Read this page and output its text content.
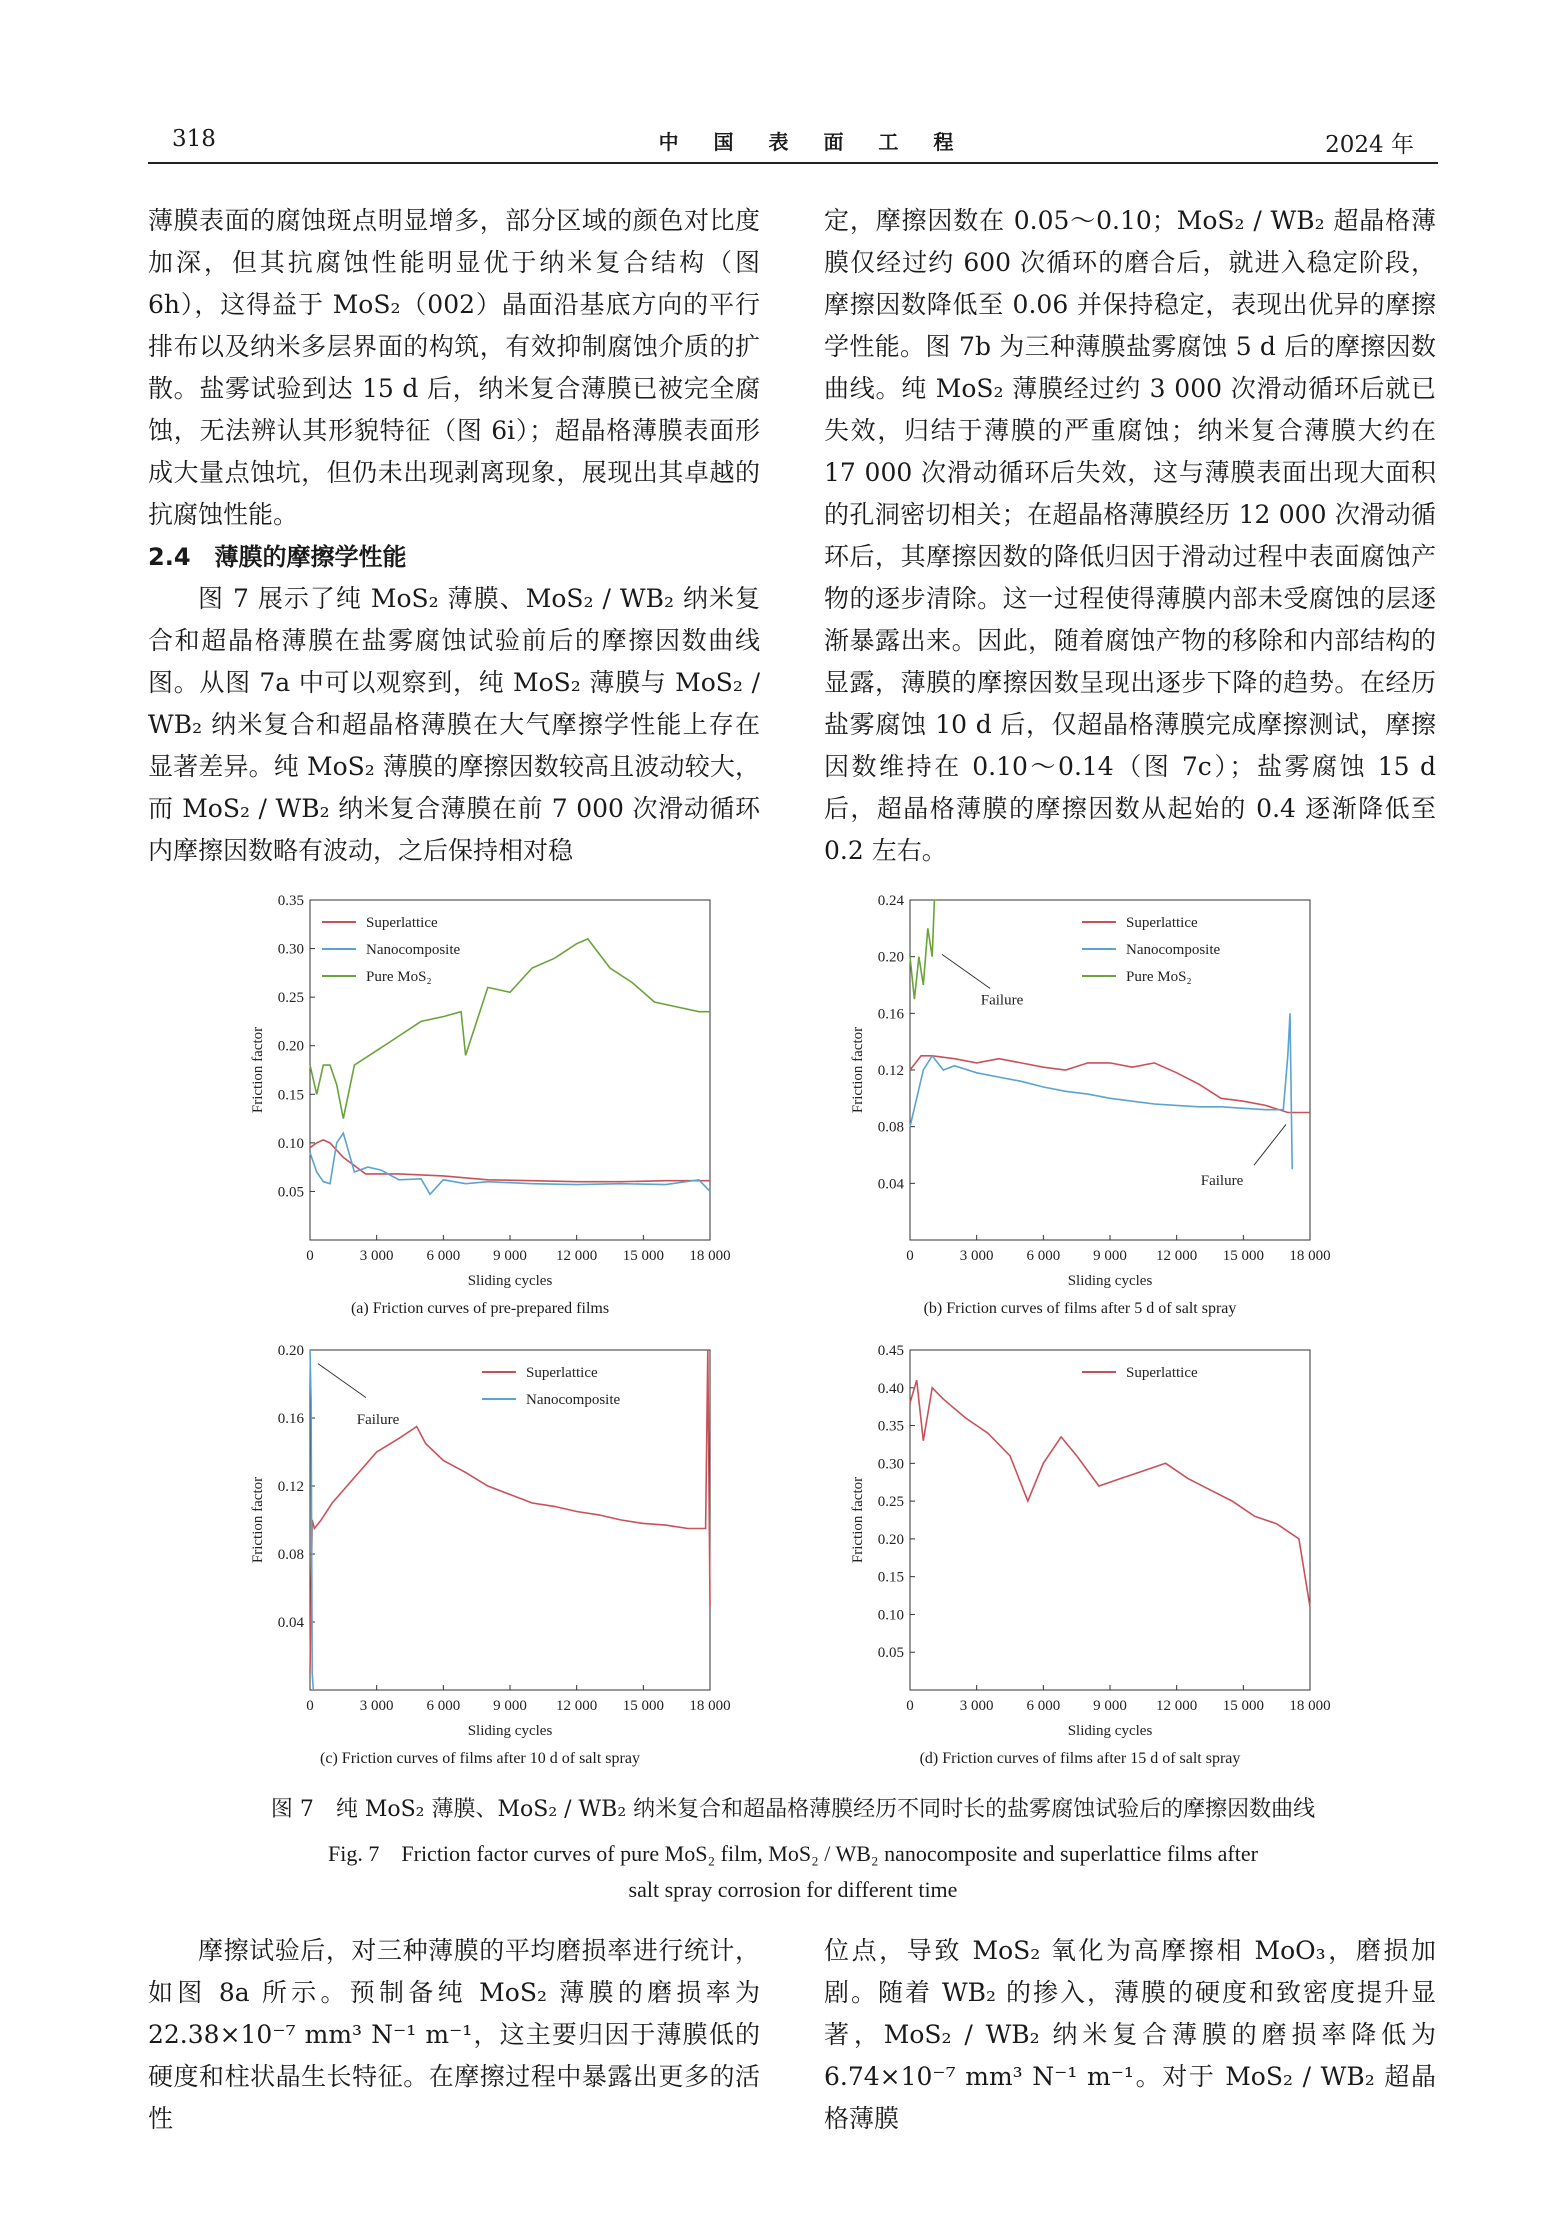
318	中 国 表 面 工 程	2024 年

薄膜表面的腐蚀斑点明显增多，部分区域的颜色对比度加深，但其抗腐蚀性能明显优于纳米复合结构（图 6h），这得益于 MoS₂（002）晶面沿基底方向的平行排布以及纳米多层界面的构筑，有效抑制腐蚀介质的扩散。盐雾试验到达 15 d 后，纳米复合薄膜已被完全腐蚀，无法辨认其形貌特征（图 6i）；超晶格薄膜表面形成大量点蚀坑，但仍未出现剥离现象，展现出其卓越的抗腐蚀性能。

2.4　薄膜的摩擦学性能

图 7 展示了纯 MoS₂ 薄膜、MoS₂ / WB₂ 纳米复合和超晶格薄膜在盐雾腐蚀试验前后的摩擦因数曲线图。从图 7a 中可以观察到，纯 MoS₂ 薄膜与 MoS₂ / WB₂ 纳米复合和超晶格薄膜在大气摩擦学性能上存在显著差异。纯 MoS₂ 薄膜的摩擦因数较高且波动较大，而 MoS₂ / WB₂ 纳米复合薄膜在前 7 000 次滑动循环内摩擦因数略有波动，之后保持相对稳

定，摩擦因数在 0.05～0.10；MoS₂ / WB₂ 超晶格薄膜仅经过约 600 次循环的磨合后，就进入稳定阶段，摩擦因数降低至 0.06 并保持稳定，表现出优异的摩擦学性能。图 7b 为三种薄膜盐雾腐蚀 5 d 后的摩擦因数曲线。纯 MoS₂ 薄膜经过约 3 000 次滑动循环后就已失效，归结于薄膜的严重腐蚀；纳米复合薄膜大约在 17 000 次滑动循环后失效，这与薄膜表面出现大面积的孔洞密切相关；在超晶格薄膜经历 12 000 次滑动循环后，其摩擦因数的降低归因于滑动过程中表面腐蚀产物的逐步清除。这一过程使得薄膜内部未受腐蚀的层逐渐暴露出来。因此，随着腐蚀产物的移除和内部结构的显露，薄膜的摩擦因数呈现出逐步下降的趋势。在经历盐雾腐蚀 10 d 后，仅超晶格薄膜完成摩擦测试，摩擦因数维持在 0.10～0.14（图 7c）；盐雾腐蚀 15 d 后，超晶格薄膜的摩擦因数从起始的 0.4 逐渐降低至 0.2 左右。

0	3 000 6 000 9 000 12 000 15 000 18 000
0.05
0.10
0.15
0.20
0.25
0.30
0.35
Sliding cycles
Friction factor
Superlattice
Nanocomposite
Pure MoS₂
(a) Friction curves of pre-prepared films
0	3 000 6 000 9 000 12 000 15 000 18 000
0.04
0.08
0.12
0.16
0.20
0.24
Sliding cycles
Friction factor
Superlattice
Nanocomposite
Pure MoS₂
Failure
Failure
(b) Friction curves of films after 5 d of salt spray
0	3 000 6 000 9 000 12 000 15 000 18 000
0.04
0.08
0.12
0.16
0.20
Sliding cycles
Friction factor
Superlattice
Nanocomposite
Failure
(c) Friction curves of films after 10 d of salt spray
0	3 000 6 000 9 000 12 000 15 000 18 000
0.05
0.10
0.15
0.20
0.25
0.30
0.35
0.40
0.45
Sliding cycles
Friction factor
Superlattice
(d) Friction curves of films after 15 d of salt spray
图 7　纯 MoS₂ 薄膜、MoS₂ / WB₂ 纳米复合和超晶格薄膜经历不同时长的盐雾腐蚀试验后的摩擦因数曲线
Fig. 7　Friction factor curves of pure MoS₂ film, MoS₂ / WB₂ nanocomposite and superlattice films after
salt spray corrosion for different time

摩擦试验后，对三种薄膜的平均磨损率进行统计，如图 8a 所示。预制备纯 MoS₂ 薄膜的磨损率为 22.38×10⁻⁷ mm³ N⁻¹ m⁻¹，这主要归因于薄膜低的硬度和柱状晶生长特征。在摩擦过程中暴露出更多的活性

位点，导致 MoS₂ 氧化为高摩擦相 MoO₃，磨损加剧。随着 WB₂ 的掺入，薄膜的硬度和致密度提升显著，MoS₂ / WB₂ 纳米复合薄膜的磨损率降低为 6.74×10⁻⁷ mm³ N⁻¹ m⁻¹。对于 MoS₂ / WB₂ 超晶格薄膜
